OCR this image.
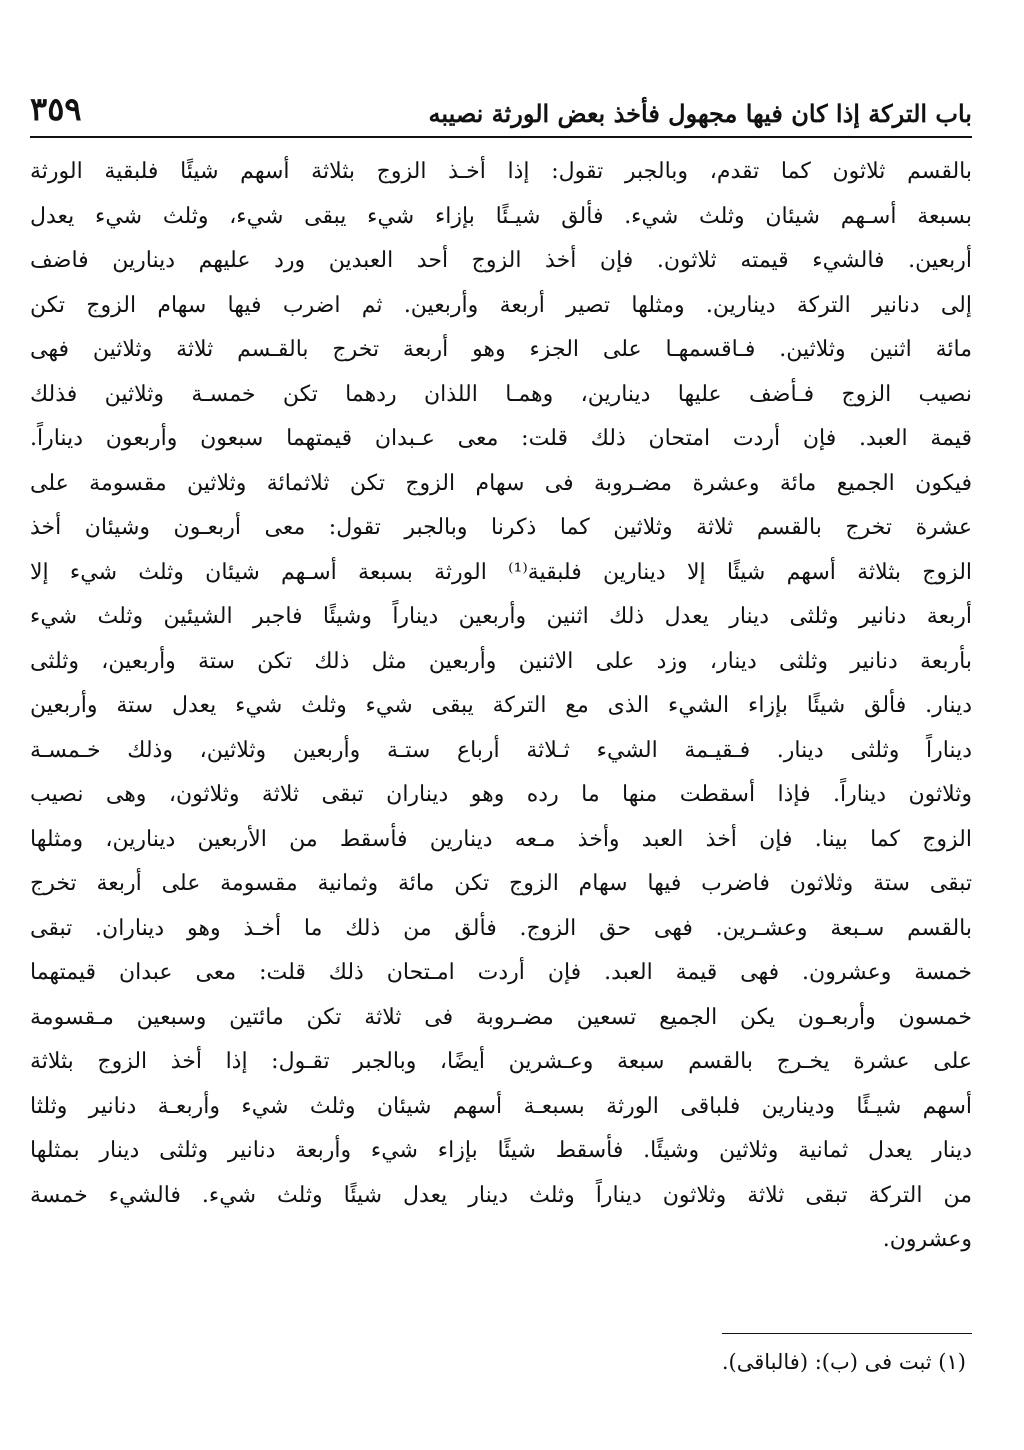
باب التركة إذا كان فيها مجهول فأخذ بعض الورثة نصيبه
٣٥٩
بالقسم ثلاثون كما تقدم، وبالجبر تقول: إذا أخـذ الزوج بثلاثة أسهم شيئًا فلبقية الورثة
بسبعة أسـهم شيئان وثلث شيء. فألق شيـئًا بإزاء شيء يبقى شيء، وثلث شيء يعدل
أربعين. فالشيء قيمته ثلاثون. فإن أخذ الزوج أحد العبدين ورد عليهم دينارين فاضف
إلى دنانير التركة دينارين. ومثلها تصير أربعة وأربعين. ثم اضرب فيها سهام الزوج تكن
مائة اثنين وثلاثين. فـاقسمهـا على الجزء وهو أربعة تخرج بالقـسم ثلاثة وثلاثين فهى
نصيب الزوج فـأضف عليها دينارين، وهمـا اللذان ردهما تكن خمسـة وثلاثين فذلك
قيمة العبد. فإن أردت امتحان ذلك قلت: معى عـبدان قيمتهما سبعون وأربعون ديناراً.
فيكون الجميع مائة وعشرة مضـروبة فى سهام الزوج تكن ثلاثمائة وثلاثين مقسومة على
عشرة تخرج بالقسم ثلاثة وثلاثين كما ذكرنا وبالجبر تقول: معى أربعـون وشيئان أخذ
الزوج بثلاثة أسهم شيئًا إلا دينارين فلبقية⁽¹⁾ الورثة بسبعة أسـهم شيئان وثلث شيء إلا
أربعة دنانير وثلثى دينار يعدل ذلك اثنين وأربعين ديناراً وشيئًا فاجبر الشيئين وثلث شيء
بأربعة دنانير وثلثى دينار، وزد على الاثنين وأربعين مثل ذلك تكن ستة وأربعين، وثلثى
دينار. فألق شيئًا بإزاء الشيء الذى مع التركة يبقى شيء وثلث شيء يعدل ستة وأربعين
ديناراً وثلثى دينار. فـقيـمة الشيء ثـلاثة أرباع ستـة وأربعين وثلاثين، وذلك خـمسـة
وثلاثون ديناراً. فإذا أسقطت منها ما رده وهو ديناران تبقى ثلاثة وثلاثون، وهى نصيب
الزوج كما بينا. فإن أخذ العبد وأخذ مـعه دينارين فأسقط من الأربعين دينارين، ومثلها
تبقى ستة وثلاثون فاضرب فيها سهام الزوج تكن مائة وثمانية مقسومة على أربعة تخرج
بالقسم سـبعة وعشـرين. فهى حق الزوج. فألق من ذلك ما أخـذ وهو ديناران. تبقى
خمسة وعشرون. فهى قيمة العبد. فإن أردت امـتحان ذلك قلت: معى عبدان قيمتهما
خمسون وأربعـون يكن الجميع تسعين مضـروبة فى ثلاثة تكن مائتين وسبعين مـقسومة
على عشرة يخـرج بالقسم سبعة وعـشرين أيضًا، وبالجبر تقـول: إذا أخذ الزوج بثلاثة
أسهم شيـئًا ودينارين فلباقى الورثة بسبعـة أسهم شيئان وثلث شيء وأربعـة دنانير وثلثا
دينار يعدل ثمانية وثلاثين وشيئًا. فأسقط شيئًا بإزاء شيء وأربعة دنانير وثلثى دينار بمثلها
من التركة تبقى ثلاثة وثلاثون ديناراً وثلث دينار يعدل شيئًا وثلث شيء. فالشيء خمسة
وعشرون.
(١) ثبت فى (ب): (فالباقى).
